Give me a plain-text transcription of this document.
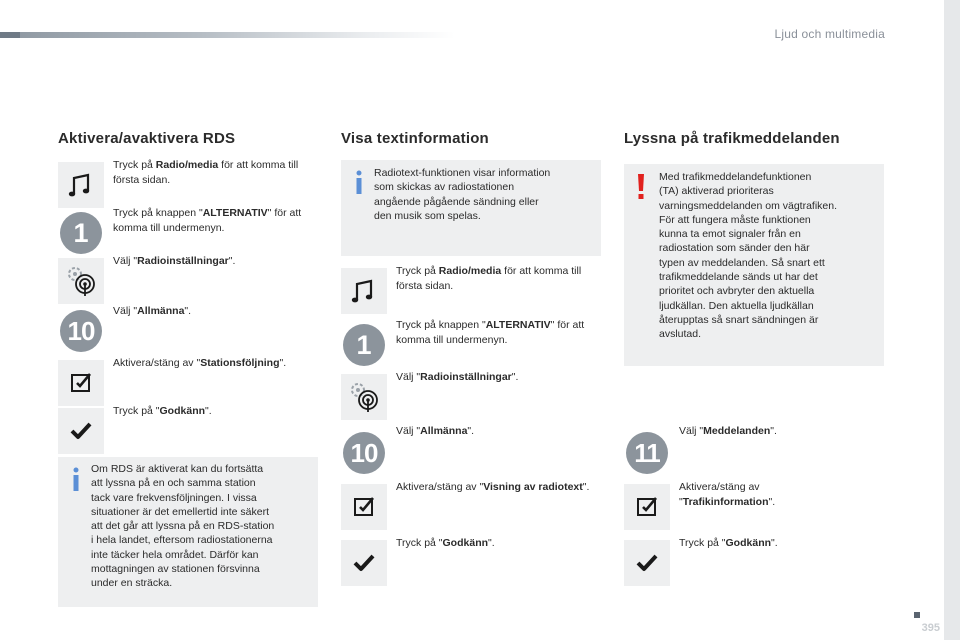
Ljud och multimedia
Aktivera/avaktivera RDS
Tryck på Radio/media för att komma till första sidan.
1
Tryck på knappen "ALTERNATIV" för att komma till undermenyn.
Välj "Radioinställningar".
10
Välj "Allmänna".
Aktivera/stäng av "Stationsföljning".
Tryck på "Godkänn".
Om RDS är aktiverat kan du fortsätta
att lyssna på en och samma station
tack vare frekvensföljningen. I vissa
situationer är det emellertid inte säkert
att det går att lyssna på en RDS-station
i hela landet, eftersom radiostationerna
inte täcker hela området. Därför kan
mottagningen av stationen försvinna
under en sträcka.
Visa textinformation
Radiotext-funktionen visar information
som skickas av radiostationen
angående pågående sändning eller
den musik som spelas.
Tryck på Radio/media för att komma till första sidan.
1
Tryck på knappen "ALTERNATIV" för att komma till undermenyn.
Välj "Radioinställningar".
10
Välj "Allmänna".
Aktivera/stäng av "Visning av radiotext".
Tryck på "Godkänn".
Lyssna på trafikmeddelanden
Med trafikmeddelandefunktionen
(TA) aktiverad prioriteras
varningsmeddelanden om vägtrafiken.
För att fungera måste funktionen
kunna ta emot signaler från en
radiostation som sänder den här
typen av meddelanden. Så snart ett
trafikmeddelande sänds ut har det
prioritet och avbryter den aktuella
ljudkällan. Den aktuella ljudkällan
återupptas så snart sändningen är
avslutad.
11
Välj "Meddelanden".
Aktivera/stäng av "Trafikinformation".
Tryck på "Godkänn".
395
